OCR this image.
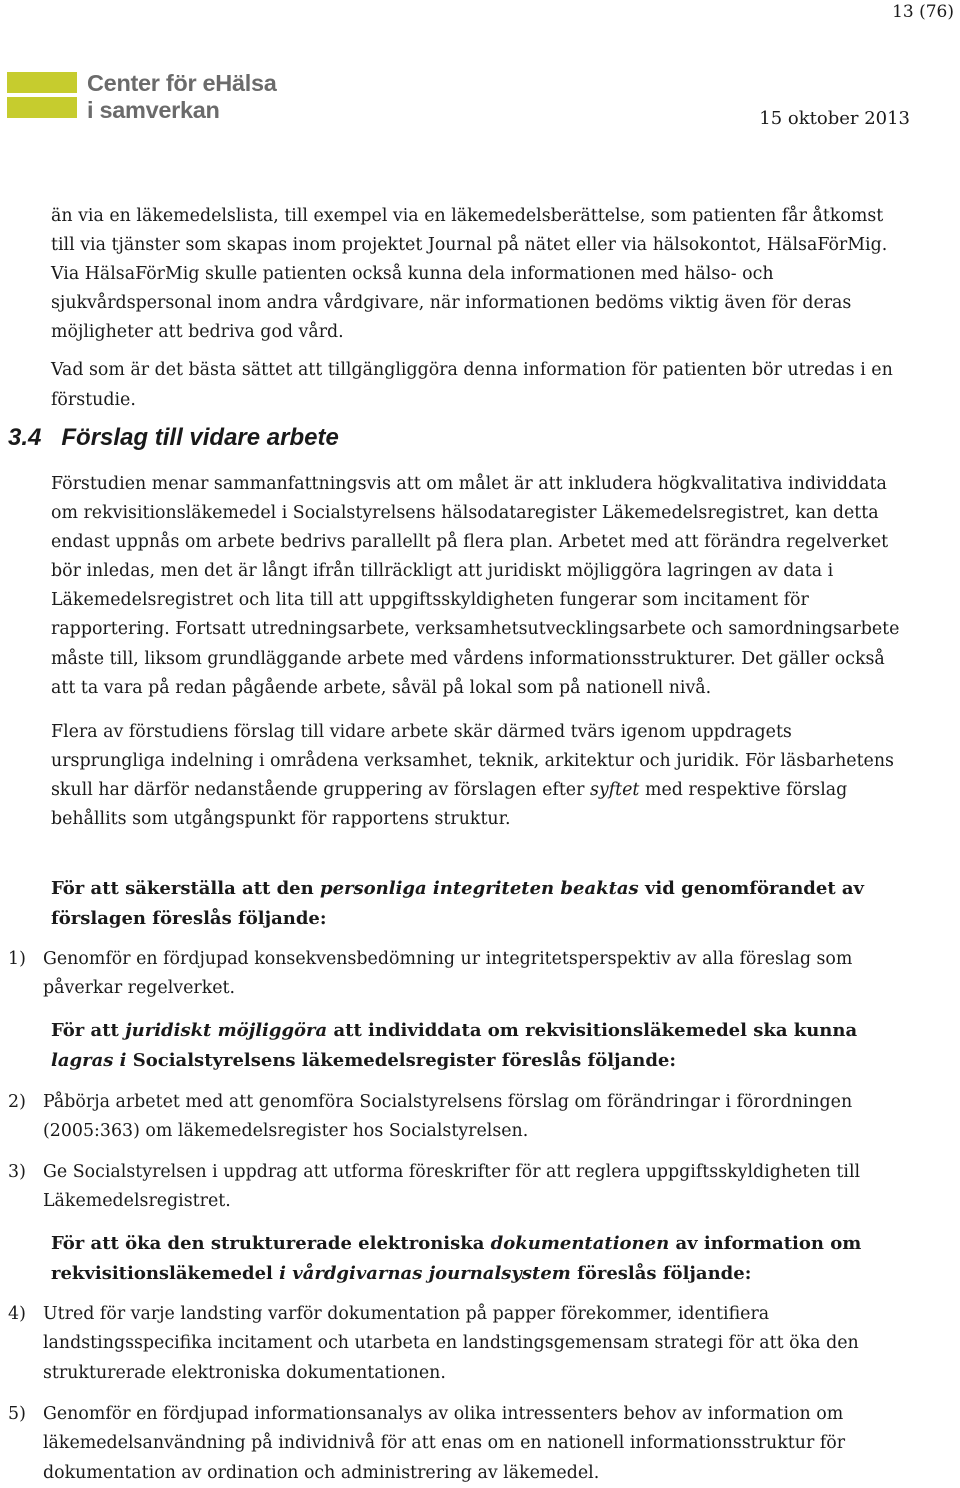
13 (76)
Center för eHälsa
i samverkan	15 oktober 2013

än via en läkemedelslista, till exempel via en läkemedelsberättelse, som patienten får åtkomst till via tjänster som skapas inom projektet Journal på nätet eller via hälsokontot, HälsaFörMig. Via HälsaFörMig skulle patienten också kunna dela informationen med hälso- och sjukvårdspersonal inom andra vårdgivare, när informationen bedöms viktig även för deras möjligheter att bedriva god vård.

Vad som är det bästa sättet att tillgängliggöra denna information för patienten bör utredas i en förstudie.

3.4 Förslag till vidare arbete

Förstudien menar sammanfattningsvis att om målet är att inkludera högkvalitativa individdata om rekvisitionsläkemedel i Socialstyrelsens hälsodataregister Läkemedelsregistret, kan detta endast uppnås om arbete bedrivs parallellt på flera plan. Arbetet med att förändra regelverket bör inledas, men det är långt ifrån tillräckligt att juridiskt möjliggöra lagringen av data i Läkemedelsregistret och lita till att uppgiftsskyldigheten fungerar som incitament för rapportering. Fortsatt utredningsarbete, verksamhetsutvecklingsarbete och samordningsarbete måste till, liksom grundläggande arbete med vårdens informationsstrukturer. Det gäller också att ta vara på redan pågående arbete, såväl på lokal som på nationell nivå.

Flera av förstudiens förslag till vidare arbete skär därmed tvärs igenom uppdragets ursprungliga indelning i områdena verksamhet, teknik, arkitektur och juridik. För läsbarhetens skull har därför nedanstående gruppering av förslagen efter syftet med respektive förslag behållits som utgångspunkt för rapportens struktur.

För att säkerställa att den personliga integriteten beaktas vid genomförandet av förslagen föreslås följande:
1) Genomför en fördjupad konsekvensbedömning ur integritetsperspektiv av alla föreslag som påverkar regelverket.
För att juridiskt möjliggöra att individdata om rekvisitionsläkemedel ska kunna lagras i Socialstyrelsens läkemedelsregister föreslås följande:
2) Påbörja arbetet med att genomföra Socialstyrelsens förslag om förändringar i förordningen (2005:363) om läkemedelsregister hos Socialstyrelsen.
3) Ge Socialstyrelsen i uppdrag att utforma föreskrifter för att reglera uppgiftsskyldigheten till Läkemedelsregistret.
För att öka den strukturerade elektroniska dokumentationen av information om rekvisitionsläkemedel i vårdgivarnas journalsystem föreslås följande:
4) Utred för varje landsting varför dokumentation på papper förekommer, identifiera landstingsspecifika incitament och utarbeta en landstingsgemensam strategi för att öka den strukturerade elektroniska dokumentationen.
5) Genomför en fördjupad informationsanalys av olika intressenters behov av information om läkemedelsanvändning på individnivå för att enas om en nationell informationsstruktur för dokumentation av ordination och administrering av läkemedel.
